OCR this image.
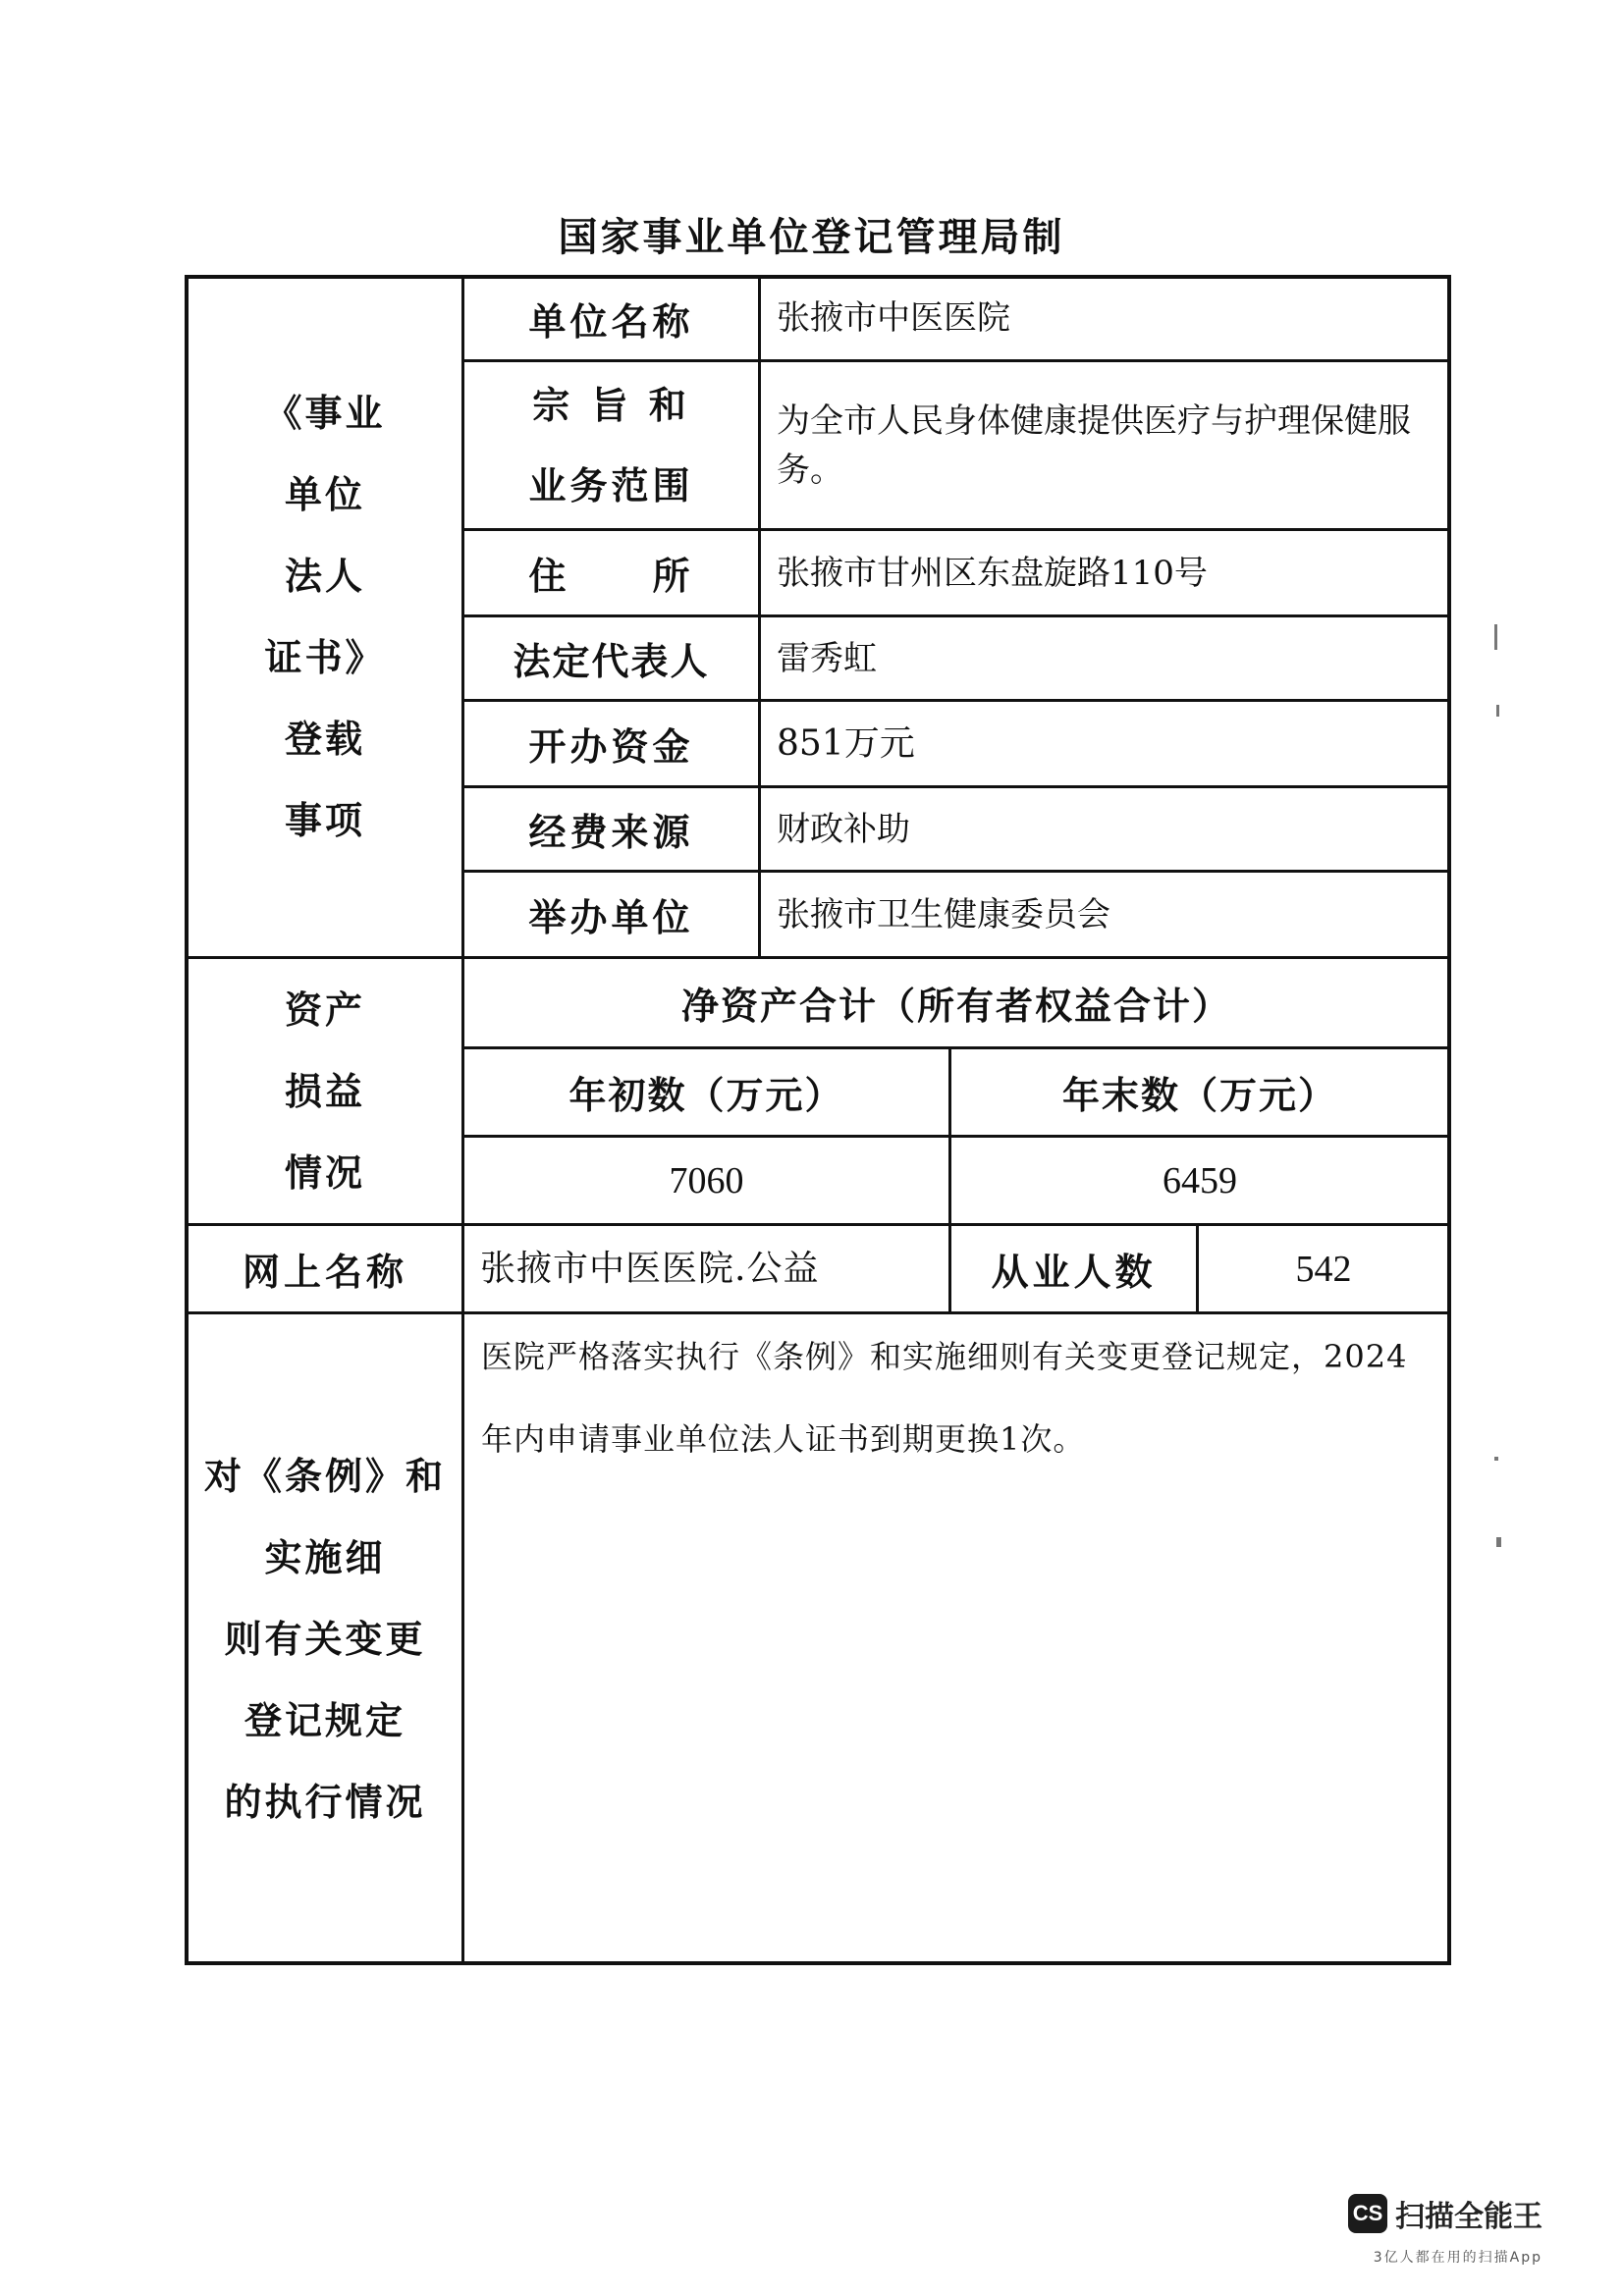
国家事业单位登记管理局制
《事业
单位
法人
证书》
登载
事项
单位名称	张掖市中医医院
宗 旨 和
业务范围
为全市人民身体健康提供医疗与护理保健服务。
住　　所	张掖市甘州区东盘旋路110号
法定代表人	雷秀虹
开办资金	851万元
经费来源	财政补助
举办单位	张掖市卫生健康委员会
资产
损益
情况
净资产合计（所有者权益合计）
年初数（万元）	年末数（万元）
7060	6459
网上名称	张掖市中医医院.公益	从业人数	542
对《条例》和
实施细
则有关变更
登记规定
的执行情况
医院严格落实执行《条例》和实施细则有关变更登记规定，2024年内申请事业单位法人证书到期更换1次。
CS 扫描全能王
3亿人都在用的扫描App
